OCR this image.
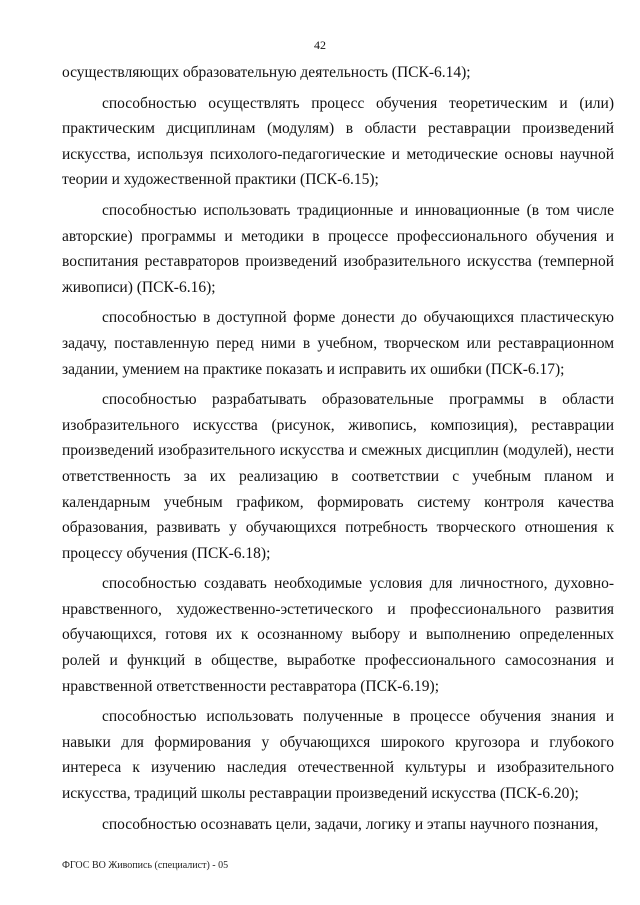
42

осуществляющих образовательную деятельность (ПСК-6.14);

способностью осуществлять процесс обучения теоретическим и (или) практическим дисциплинам (модулям) в области реставрации произведений искусства, используя психолого-педагогические и методические основы научной теории и художественной практики (ПСК-6.15);

способностью использовать традиционные и инновационные (в том числе авторские) программы и методики в процессе профессионального обучения и воспитания реставраторов произведений изобразительного искусства (темперной живописи) (ПСК-6.16);

способностью в доступной форме донести до обучающихся пластическую задачу, поставленную перед ними в учебном, творческом или реставрационном задании, умением на практике показать и исправить их ошибки (ПСК-6.17);

способностью разрабатывать образовательные программы в области изобразительного искусства (рисунок, живопись, композиция), реставрации произведений изобразительного искусства и смежных дисциплин (модулей), нести ответственность за их реализацию в соответствии с учебным планом и календарным учебным графиком, формировать систему контроля качества образования, развивать у обучающихся потребность творческого отношения к процессу обучения (ПСК-6.18);

способностью создавать необходимые условия для личностного, духовно-нравственного, художественно-эстетического и профессионального развития обучающихся, готовя их к осознанному выбору и выполнению определенных ролей и функций в обществе, выработке профессионального самосознания и нравственной ответственности реставратора (ПСК-6.19);

способностью использовать полученные в процессе обучения знания и навыки для формирования у обучающихся широкого кругозора и глубокого интереса к изучению наследия отечественной культуры и изобразительного искусства, традиций школы реставрации произведений искусства (ПСК-6.20);

способностью осознавать цели, задачи, логику и этапы научного познания,

ФГОС ВО Живопись (специалист) - 05
